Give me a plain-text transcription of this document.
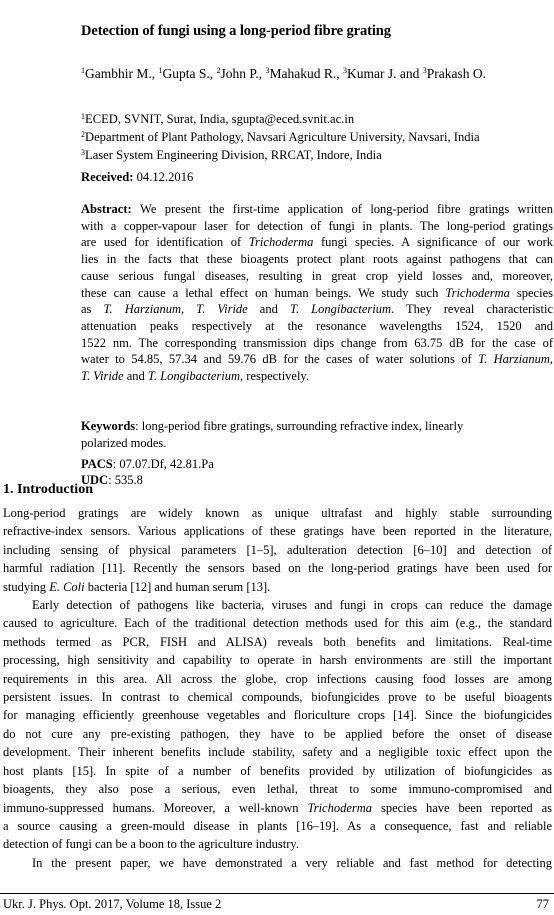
Detection of fungi using a long-period fibre grating
$^1$Gambhir M., $^1$Gupta S., $^2$John P., $^3$Mahakud R., $^3$Kumar J. and $^3$Prakash O.
$^1$ECED, SVNIT, Surat, India, sgupta@eced.svnit.ac.in
$^2$Department of Plant Pathology, Navsari Agriculture University, Navsari, India
$^3$Laser System Engineering Division, RRCAT, Indore, India
Received: 04.12.2016
Abstract: We present the first-time application of long-period fibre gratings written
with a copper-vapour laser for detection of fungi in plants. The long-period gratings
are used for identification of Trichoderma fungi species. A significance of our work
lies in the facts that these bioagents protect plant roots against pathogens that can
cause serious fungal diseases, resulting in great crop yield losses and, moreover,
these can cause a lethal effect on human beings. We study such Trichoderma species
as T. Harzianum, T. Viride and T. Longibacterium. They reveal characteristic
attenuation peaks respectively at the resonance wavelengths 1524, 1520 and
1522 nm. The corresponding transmission dips change from 63.75 dB for the case of
water to 54.85, 57.34 and 59.76 dB for the cases of water solutions of T. Harzianum,
T. Viride and T. Longibacterium, respectively.
Keywords: long-period fibre gratings, surrounding refractive index, linearly
polarized modes.
PACS: 07.07.Df, 42.81.Pa
UDC: 535.8
1. Introduction
Long-period gratings are widely known as unique ultrafast and highly stable surrounding
refractive-index sensors. Various applications of these gratings have been reported in the literature,
including sensing of physical parameters [1–5], adulteration detection [6–10] and detection of
harmful radiation [11]. Recently the sensors based on the long-period gratings have been used for
studying E. Coli bacteria [12] and human serum [13].
Early detection of pathogens like bacteria, viruses and fungi in crops can reduce the damage
caused to agriculture. Each of the traditional detection methods used for this aim (e.g., the standard
methods termed as PCR, FISH and ALISA) reveals both benefits and limitations. Real-time
processing, high sensitivity and capability to operate in harsh environments are still the important
requirements in this area. All across the globe, crop infections causing food losses are among
persistent issues. In contrast to chemical compounds, biofungicides prove to be useful bioagents
for managing efficiently greenhouse vegetables and floriculture crops [14]. Since the biofungicides
do not cure any pre-existing pathogen, they have to be applied before the onset of disease
development. Their inherent benefits include stability, safety and a negligible toxic effect upon the
host plants [15]. In spite of a number of benefits provided by utilization of biofungicides as
bioagents, they also pose a serious, even lethal, threat to some immuno-compromised and
immuno-suppressed humans. Moreover, a well-known Trichoderma species have been reported as
a source causing a green-mould disease in plants [16–19]. As a consequence, fast and reliable
detection of fungi can be a boon to the agriculture industry.
In the present paper, we have demonstrated a very reliable and fast method for detecting
Ukr. J. Phys. Opt. 2017, Volume 18, Issue 2	77
